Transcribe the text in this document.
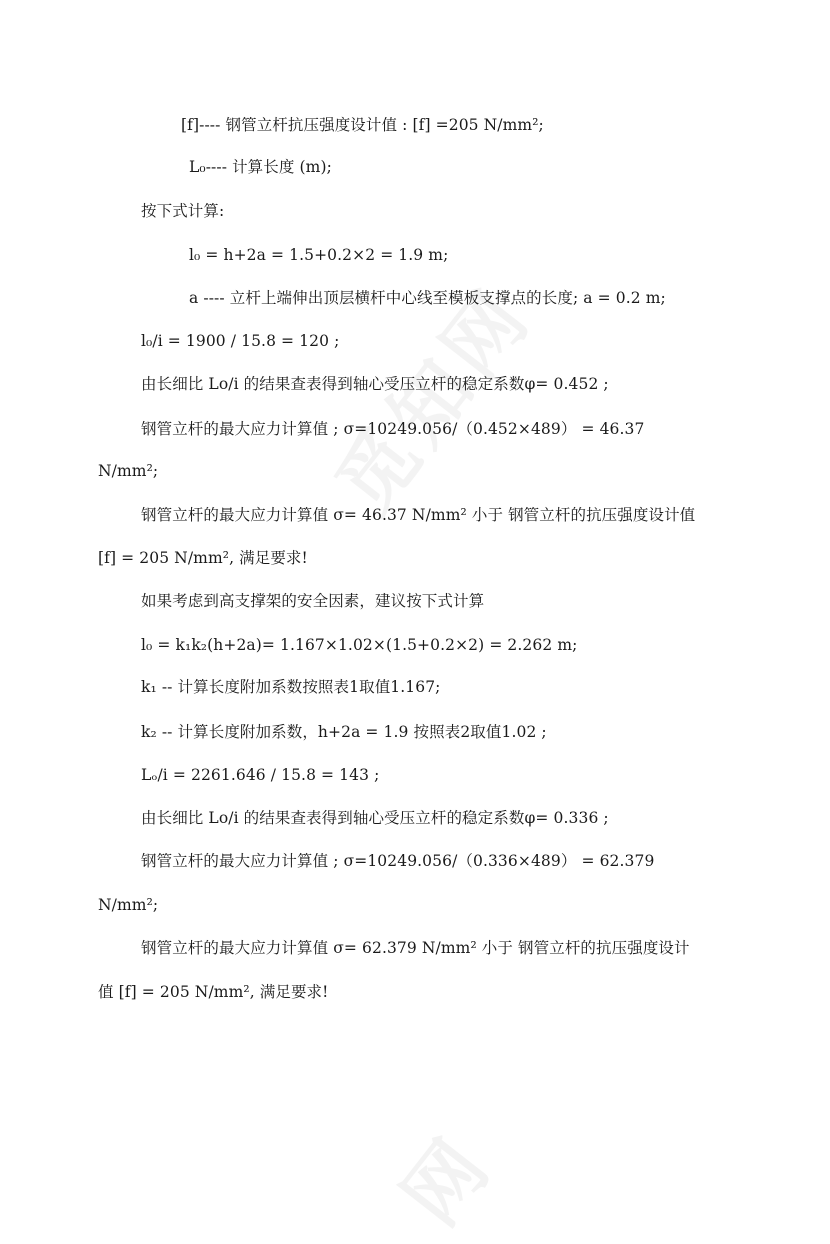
[f]---- 钢管立杆抗压强度设计值 : [f] =205 N/mm²;
L₀---- 计算长度 (m);
按下式计算:
l₀ = h+2a = 1.5+0.2×2 = 1.9 m;
a ---- 立杆上端伸出顶层横杆中心线至模板支撑点的长度; a = 0.2 m;
l₀/i = 1900 / 15.8 = 120 ;
由长细比 Lo/i 的结果查表得到轴心受压立杆的稳定系数φ= 0.452 ;
钢管立杆的最大应力计算值 ; σ=10249.056/（0.452×489） = 46.37
N/mm²;
钢管立杆的最大应力计算值 σ= 46.37 N/mm² 小于 钢管立杆的抗压强度设计值
[f] = 205 N/mm², 满足要求!
如果考虑到高支撑架的安全因素，建议按下式计算
l₀ = k₁k₂(h+2a)= 1.167×1.02×(1.5+0.2×2) = 2.262 m;
k₁ -- 计算长度附加系数按照表1取值1.167;
k₂ -- 计算长度附加系数，h+2a = 1.9 按照表2取值1.02 ;
Lₒ/i = 2261.646 / 15.8 = 143 ;
由长细比 Lo/i 的结果查表得到轴心受压立杆的稳定系数φ= 0.336 ;
钢管立杆的最大应力计算值 ; σ=10249.056/（0.336×489） = 62.379
N/mm²;
钢管立杆的最大应力计算值 σ= 62.379 N/mm² 小于 钢管立杆的抗压强度设计
值 [f] = 205 N/mm², 满足要求!
